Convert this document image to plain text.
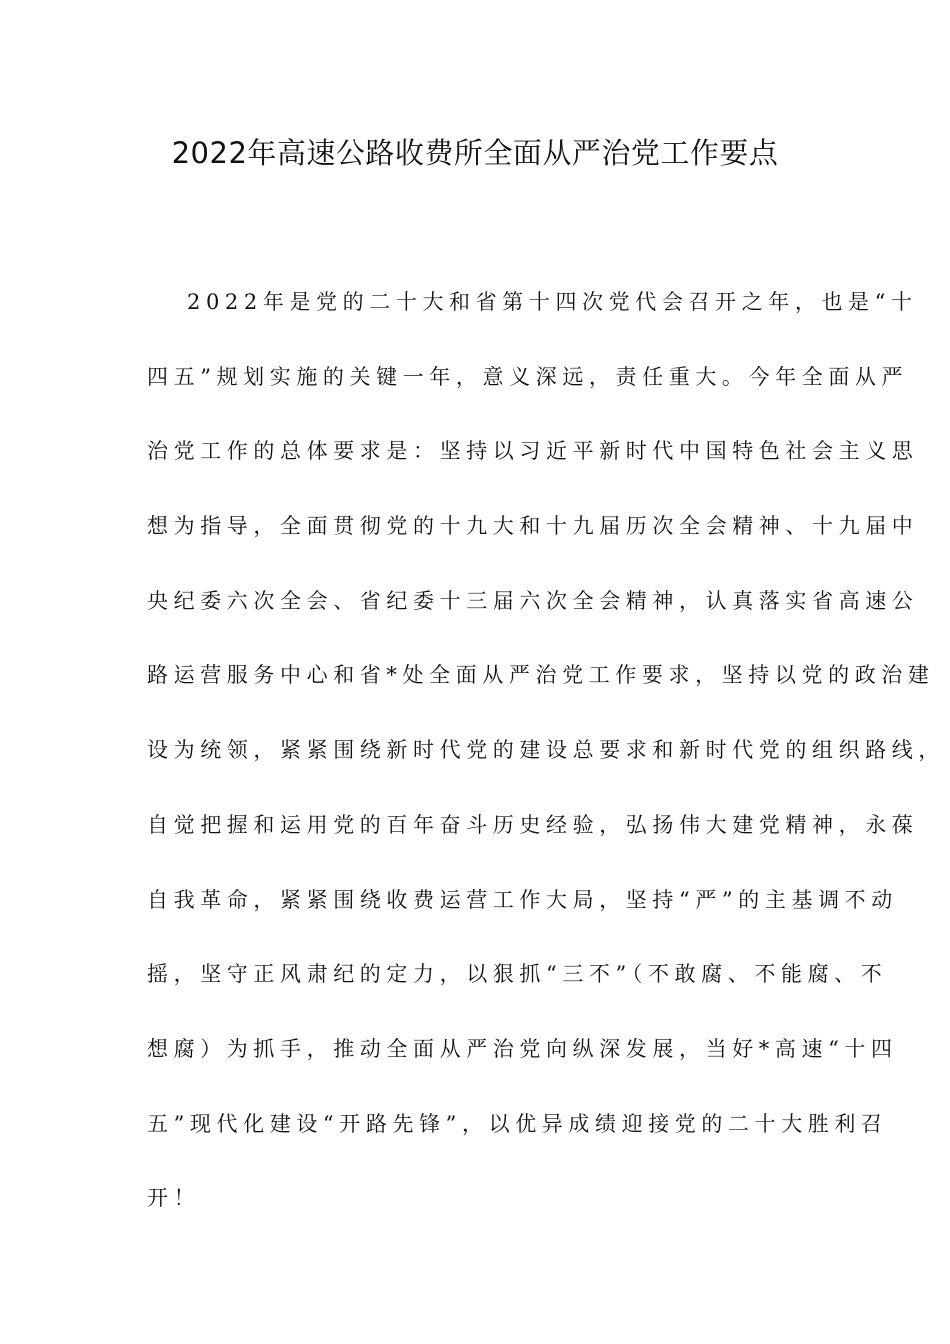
2022年高速公路收费所全面从严治党工作要点
2022年是党的二十大和省第十四次党代会召开之年，也是“十
四五”规划实施的关键一年，意义深远，责任重大。今年全面从严
治党工作的总体要求是：坚持以习近平新时代中国特色社会主义思
想为指导，全面贯彻党的十九大和十九届历次全会精神、十九届中
央纪委六次全会、省纪委十三届六次全会精神，认真落实省高速公
路运营服务中心和省*处全面从严治党工作要求，坚持以党的政治建
设为统领，紧紧围绕新时代党的建设总要求和新时代党的组织路线，
自觉把握和运用党的百年奋斗历史经验，弘扬伟大建党精神，永葆
自我革命，紧紧围绕收费运营工作大局，坚持“严”的主基调不动
摇，坚守正风肃纪的定力，以狠抓“三不”（不敢腐、不能腐、不
想腐）为抓手，推动全面从严治党向纵深发展，当好*高速“十四
五”现代化建设“开路先锋”，以优异成绩迎接党的二十大胜利召
开！
